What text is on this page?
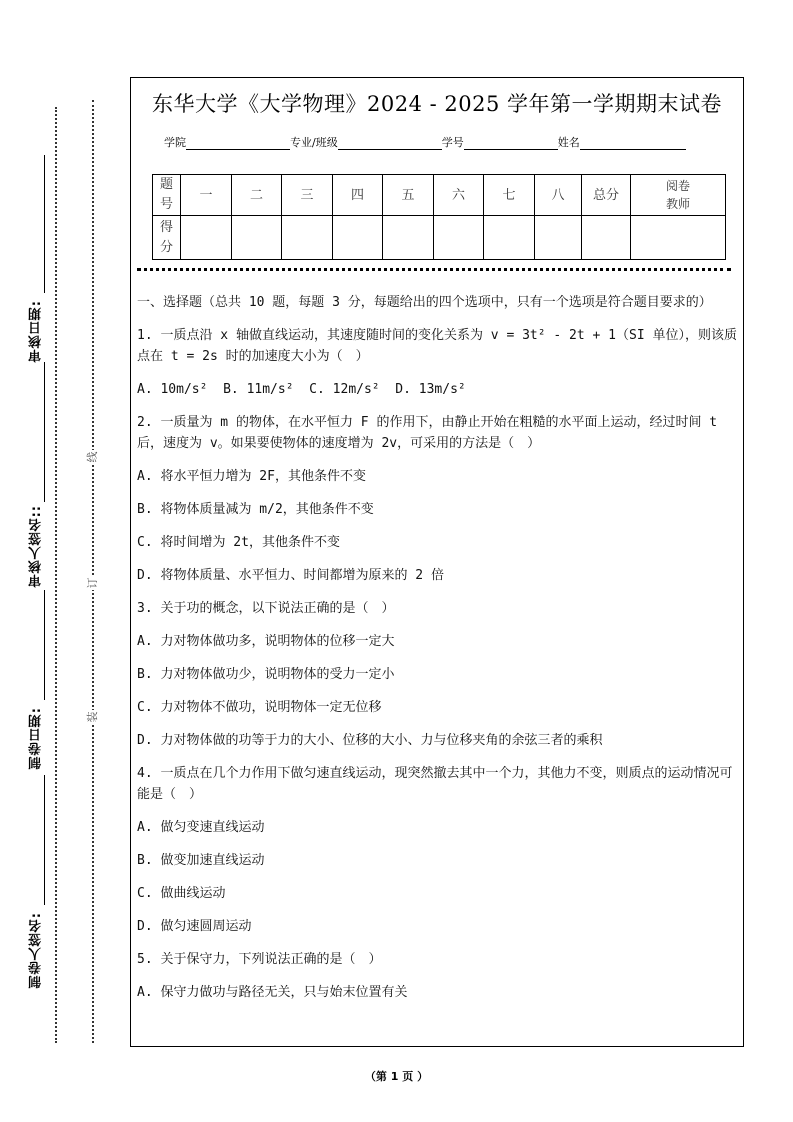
审核日期:
审核人签名::
制卷日期:
制卷人签名:
线
订
装
东华大学《大学物理》2024 - 2025 学年第一学期期末试卷
学院	专业/班级	学号	姓名
题
号	一	二	三	四	五	六	七	八	总分	阅卷
教师
得
分										

一、选择题（总共 10 题，每题 3 分，每题给出的四个选项中，只有一个选项是符合题目要求的）

1. 一质点沿 x 轴做直线运动，其速度随时间的变化关系为 v = 3t² - 2t + 1（SI 单位），则该质点在 t = 2s 时的加速度大小为（　）

A. 10m/s²  B. 11m/s²  C. 12m/s²  D. 13m/s²

2. 一质量为 m 的物体，在水平恒力 F 的作用下，由静止开始在粗糙的水平面上运动，经过时间 t 后，速度为 v。如果要使物体的速度增为 2v，可采用的方法是（　）

A. 将水平恒力增为 2F，其他条件不变

B. 将物体质量减为 m/2，其他条件不变

C. 将时间增为 2t，其他条件不变

D. 将物体质量、水平恒力、时间都增为原来的 2 倍

3. 关于功的概念，以下说法正确的是（　）

A. 力对物体做功多，说明物体的位移一定大

B. 力对物体做功少，说明物体的受力一定小

C. 力对物体不做功，说明物体一定无位移

D. 力对物体做的功等于力的大小、位移的大小、力与位移夹角的余弦三者的乘积

4. 一质点在几个力作用下做匀速直线运动，现突然撤去其中一个力，其他力不变，则质点的运动情况可能是（　）

A. 做匀变速直线运动

B. 做变加速直线运动

C. 做曲线运动

D. 做匀速圆周运动

5. 关于保守力，下列说法正确的是（　）

A. 保守力做功与路径无关，只与始末位置有关

（第 1 页 ）
